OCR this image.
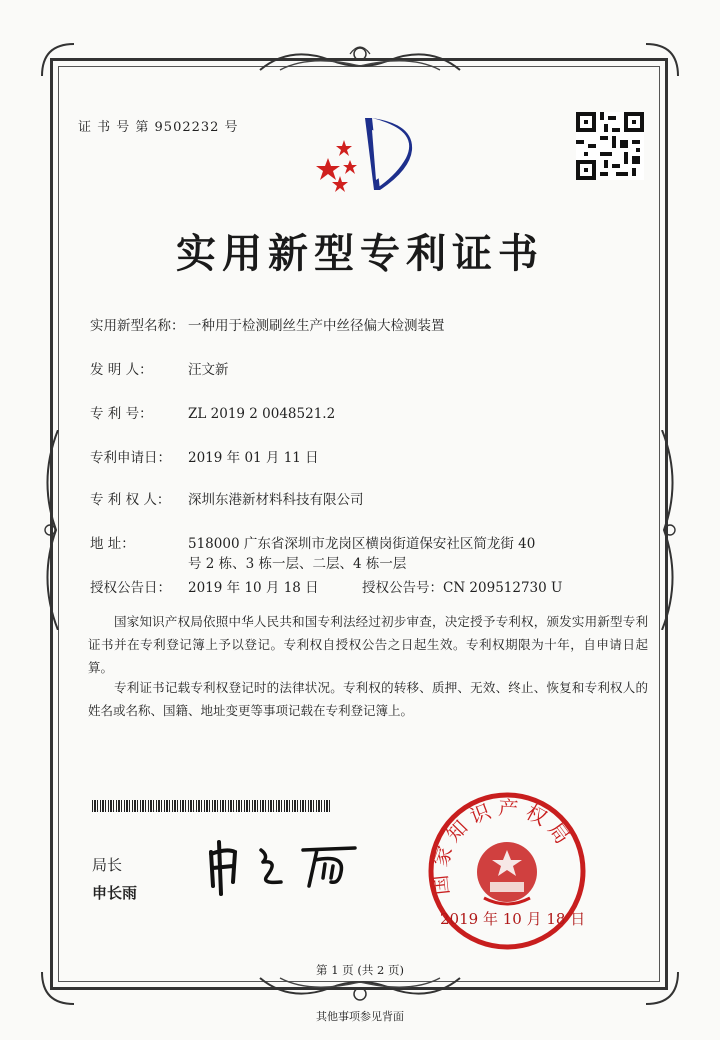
证 书 号 第 9502232 号
实用新型专利证书
实用新型名称： 一种用于检测刷丝生产中丝径偏大检测装置
发 明 人：	汪文新
专 利 号：	ZL 2019 2 0048521.2
专利申请日： 2019 年 01 月 11 日
专 利 权 人： 深圳东港新材料科技有限公司
地 址：	518000 广东省深圳市龙岗区横岗街道保安社区简龙街 40
号 2 栋、3 栋一层、二层、4 栋一层
授权公告日： 2019 年 10 月 18 日	授权公告号：CN 209512730 U
国家知识产权局依照中华人民共和国专利法经过初步审查，决定授予专利权，颁发实用新型专利证书并在专利登记簿上予以登记。专利权自授权公告之日起生效。专利权期限为十年，自申请日起算。
专利证书记载专利权登记时的法律状况。专利权的转移、质押、无效、终止、恢复和专利权人的姓名或名称、国籍、地址变更等事项记载在专利登记簿上。
局长
申长雨	国家知识产权局
2019 年 10 月 18 日
第 1 页 (共 2 页)
其他事项参见背面
